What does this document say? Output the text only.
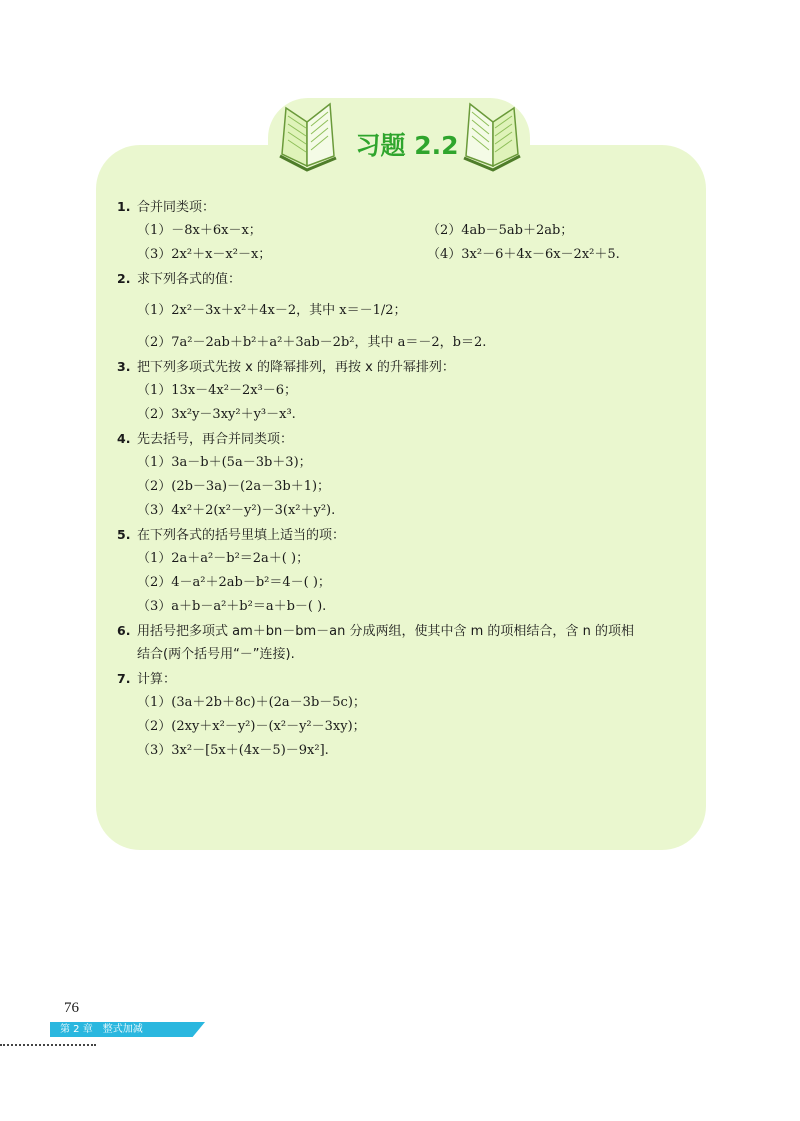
习题 2.2
1. 合并同类项：
（1）－8x＋6x－x；	（2）4ab－5ab＋2ab；
（3）2x²＋x－x²－x；	（4）3x²－6＋4x－6x－2x²＋5.
2. 求下列各式的值：
（1）2x²－3x＋x²＋4x－2，其中 x＝－1/2；
（2）7a²－2ab＋b²＋a²＋3ab－2b²，其中 a＝－2，b＝2.
3. 把下列多项式先按 x 的降幂排列，再按 x 的升幂排列：
（1）13x－4x²－2x³－6；
（2）3x²y－3xy²＋y³－x³.
4. 先去括号，再合并同类项：
（1）3a－b＋(5a－3b＋3)；
（2）(2b－3a)－(2a－3b＋1)；
（3）4x²＋2(x²－y²)－3(x²＋y²).
5. 在下列各式的括号里填上适当的项：
（1）2a＋a²－b²＝2a＋( )；
（2）4－a²＋2ab－b²＝4－( )；
（3）a＋b－a²＋b²＝a＋b－( ).
6. 用括号把多项式 am＋bn－bm－an 分成两组，使其中含 m 的项相结合，含 n 的项相
结合(两个括号用“－”连接).
7. 计算：
（1）(3a＋2b＋8c)＋(2a－3b－5c)；
（2）(2xy＋x²－y²)－(x²－y²－3xy)；
（3）3x²－[5x＋(4x－5)－9x²].
76
第 2 章　整式加减
